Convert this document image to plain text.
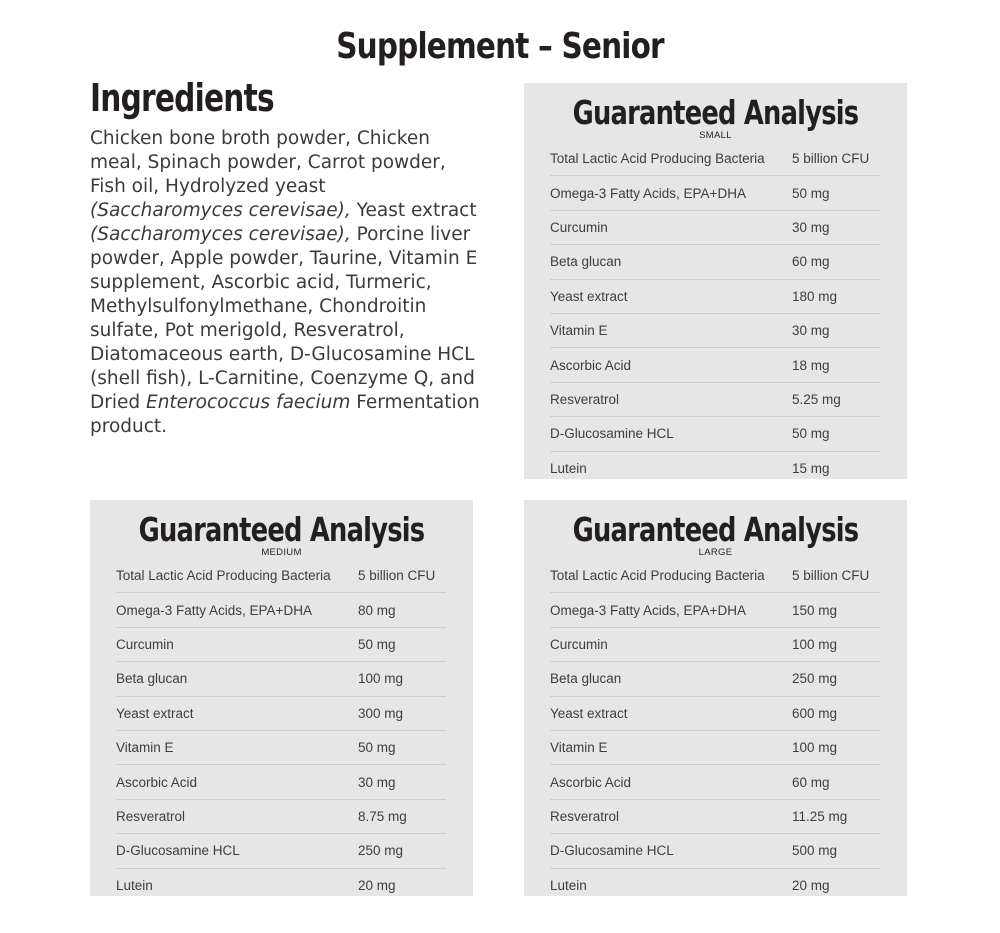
Supplement – Senior
Ingredients
Chicken bone broth powder, Chicken meal, Spinach powder, Carrot powder, Fish oil, Hydrolyzed yeast (Saccharomyces cerevisae), Yeast extract (Saccharomyces cerevisae), Porcine liver powder, Apple powder, Taurine, Vitamin E supplement, Ascorbic acid, Turmeric, Methylsulfonylmethane, Chondroitin sulfate, Pot merigold, Resveratrol, Diatomaceous earth, D-Glucosamine HCL (shell fish), L-Carnitine, Coenzyme Q, and Dried Enterococcus faecium Fermentation product.
Guaranteed Analysis
SMALL
Total Lactic Acid Producing Bacteria	5 billion CFU
Omega-3 Fatty Acids, EPA+DHA	50 mg
Curcumin	30 mg
Beta glucan	60 mg
Yeast extract	180 mg
Vitamin E	30 mg
Ascorbic Acid	18 mg
Resveratrol	5.25 mg
D-Glucosamine HCL	50 mg
Lutein	15 mg
Guaranteed Analysis
MEDIUM
Total Lactic Acid Producing Bacteria	5 billion CFU
Omega-3 Fatty Acids, EPA+DHA	80 mg
Curcumin	50 mg
Beta glucan	100 mg
Yeast extract	300 mg
Vitamin E	50 mg
Ascorbic Acid	30 mg
Resveratrol	8.75 mg
D-Glucosamine HCL	250 mg
Lutein	20 mg
Guaranteed Analysis
LARGE
Total Lactic Acid Producing Bacteria	5 billion CFU
Omega-3 Fatty Acids, EPA+DHA	150 mg
Curcumin	100 mg
Beta glucan	250 mg
Yeast extract	600 mg
Vitamin E	100 mg
Ascorbic Acid	60 mg
Resveratrol	11.25 mg
D-Glucosamine HCL	500 mg
Lutein	20 mg
